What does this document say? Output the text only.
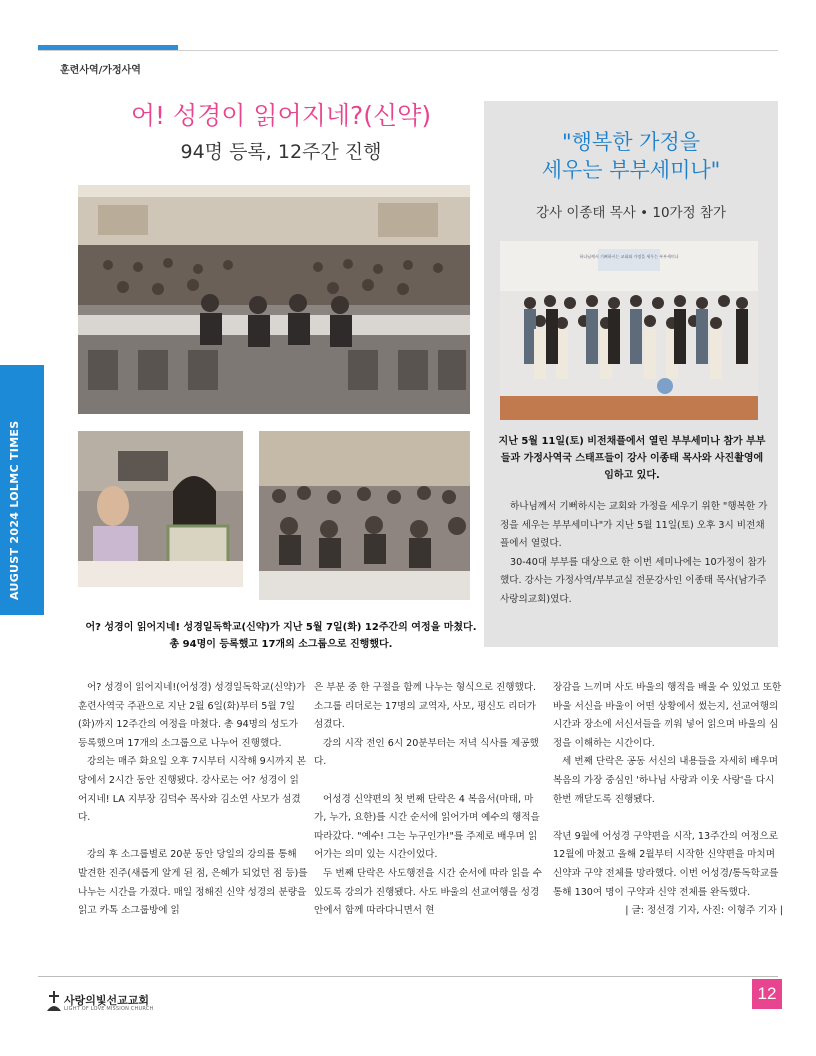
훈련사역/가정사역
AUGUST 2024 LOLMC TIMES
어! 성경이 읽어지네?(신약)
94명 등록, 12주간 진행
어? 성경이 읽어지네! 성경일독학교(신약)가 지난 5월 7일(화) 12주간의 여정을 마쳤다. 총 94명이 등록했고 17개의 소그룹으로 진행했다.
"행복한 가정을
세우는 부부세미나"
강사 이종태 목사 • 10가정 참가
하나님께서 기뻐하시는 교회와 가정을 세우는 부부세미나
지난 5월 11일(토) 비전채플에서 열린 부부세미나 참가 부부들과 가정사역국 스태프들이 강사 이종태 목사와 사진촬영에 임하고 있다.

하나님께서 기뻐하시는 교회와 가정을 세우기 위한 "행복한 가정을 세우는 부부세미나"가 지난 5월 11일(토) 오후 3시 비전채플에서 열렸다.

30-40대 부부를 대상으로 한 이번 세미나에는 10가정이 참가했다. 강사는 가정사역/부부교실 전문강사인 이종태 목사(남가주 사랑의교회)였다.

어? 성경이 읽어지네!(어성경) 성경일독학교(신약)가 훈련사역국 주관으로 지난 2월 6일(화)부터 5월 7일(화)까지 12주간의 여정을 마쳤다. 총 94명의 성도가 등록했으며 17개의 소그룹으로 나누어 진행했다.

강의는 매주 화요일 오후 7시부터 시작해 9시까지 본당에서 2시간 동안 진행됐다. 강사로는 어? 성경이 읽어지네! LA 지부장 김덕수 목사와 김소연 사모가 섬겼다.

강의 후 소그룹별로 20분 동안 당일의 강의를 통해 발견한 진주(새롭게 알게 된 점, 은혜가 되었던 점 등)를 나누는 시간을 가졌다. 매일 정해진 신약 성경의 분량을 읽고 카톡 소그룹방에 읽

은 부분 중 한 구절을 함께 나누는 형식으로 진행했다. 소그룹 리더로는 17명의 교역자, 사모, 평신도 리더가 섬겼다.

강의 시작 전인 6시 20분부터는 저녁 식사를 제공했다.

어성경 신약편의 첫 번째 단락은 4 복음서(마태, 마가, 누가, 요한)를 시간 순서에 읽어가며 예수의 행적을 따라갔다. "예수! 그는 누구인가!"를 주제로 배우며 읽어가는 의미 있는 시간이었다.

두 번째 단락은 사도행전을 시간 순서에 따라 읽을 수 있도록 강의가 진행됐다. 사도 바울의 선교여행을 성경 안에서 함께 따라다니면서 현

장감을 느끼며 사도 바울의 행적을 배울 수 있었고 또한 바울 서신을 바울이 어떤 상황에서 썼는지, 선교여행의 시간과 장소에 서신서들을 끼워 넣어 읽으며 바울의 심정을 이해하는 시간이다.

세 번째 단락은 공동 서신의 내용들을 자세히 배우며 복음의 가장 중심인 '하나님 사랑과 이웃 사랑'을 다시 한번 깨닫도록 진행됐다.

작년 9월에 어성경 구약편을 시작, 13주간의 여정으로 12월에 마쳤고 올해 2월부터 시작한 신약편을 마치며 신약과 구약 전체를 망라했다. 이번 어성경/통독학교를 통해 130여 명이 구약과 신약 전체를 완독했다.

| 글: 정선경 기자, 사진: 이형주 기자 |

사랑의빛선교교회
LIGHT OF LOVE MISSION CHURCH
12
